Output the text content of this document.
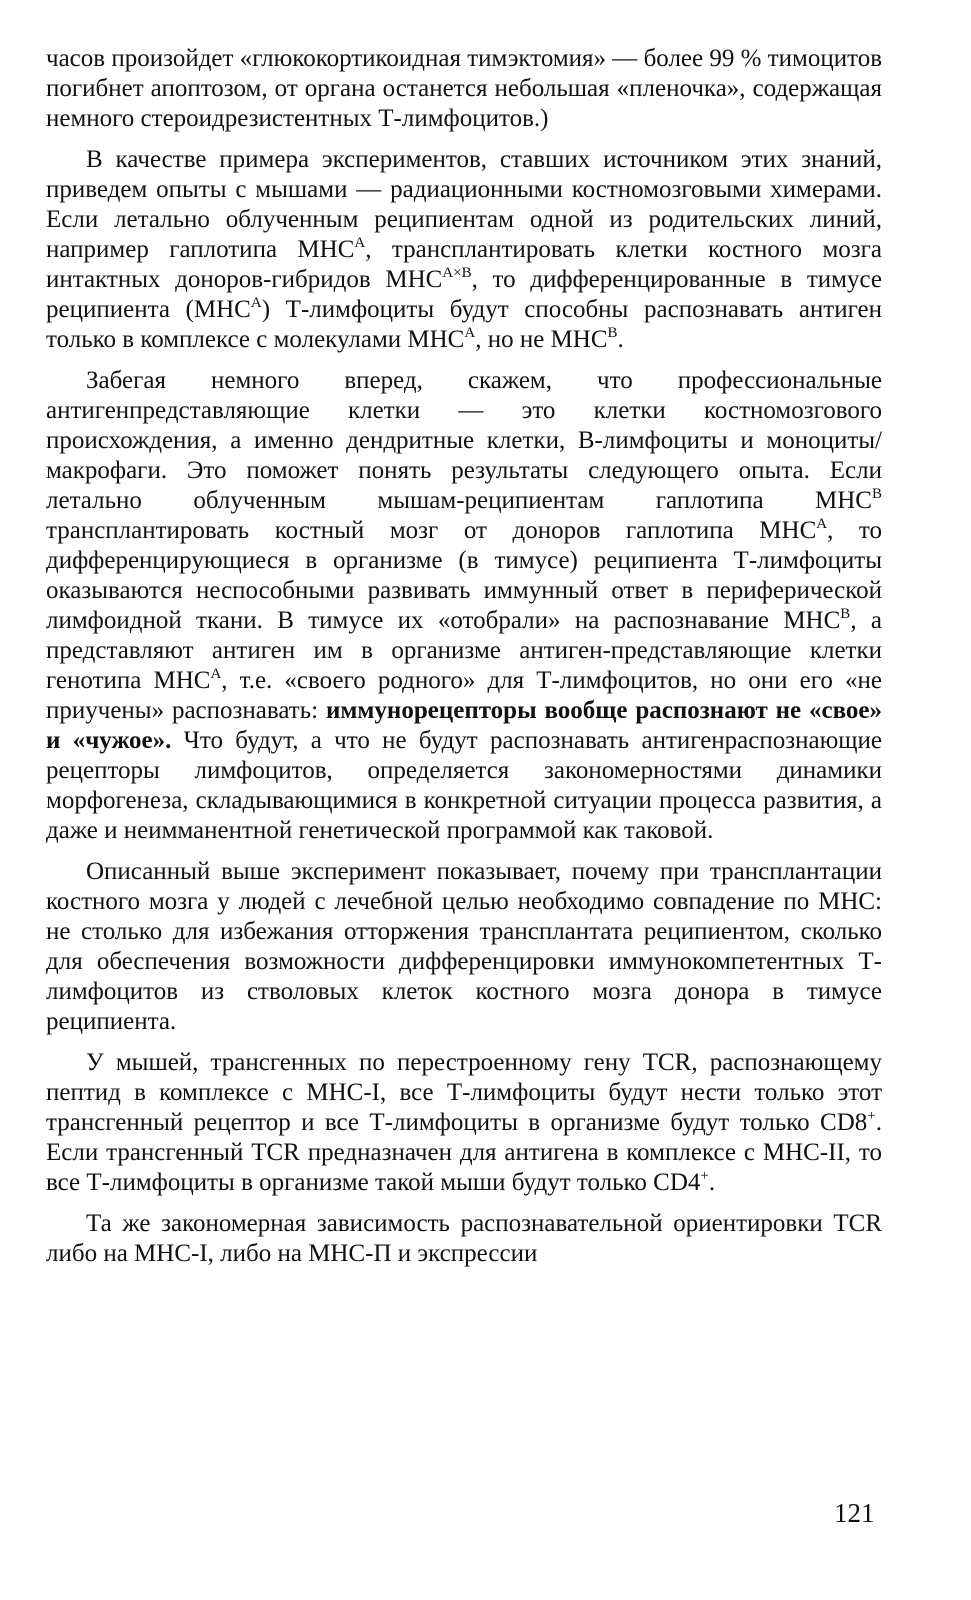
часов произойдет «глюкокортикоидная тимэктомия» — более 99 % тимоцитов погибнет апоптозом, от органа останется небольшая «пленочка», содержащая немного стероидрезистентных Т-лимфоцитов.)

В качестве примера экспериментов, ставших источником этих знаний, приведем опыты с мышами — радиационными костномозговыми химерами. Если летально облученным реципиентам одной из родительских линий, например гаплотипа $МНС^A$, трансплантировать клетки костного мозга интактных доноров-гибридов $МНС^{A\times B}$, то дифференцированные в тимусе реципиента $(МНС^A)$ Т-лимфоциты будут способны распознавать антиген только в комплексе с молекулами $МНС^A$, но не $МНС^B$.

Забегая немного вперед, скажем, что профессиональные антигенпредставляющие клетки — это клетки костномозгового происхождения, а именно дендритные клетки, В-лимфоциты и моноциты/макрофаги. Это поможет понять результаты следующего опыта. Если летально облученным мышам-реципиентам гаплотипа $МНС^B$ трансплантировать костный мозг от доноров гаплотипа $МНС^A$, то дифференцирующиеся в организме (в тимусе) реципиента Т-лимфоциты оказываются неспособными развивать иммунный ответ в периферической лимфоидной ткани. В тимусе их «отобрали» на распознавание $МНС^B$, а представляют антиген им в организме антиген-представляющие клетки генотипа $МНС^A$, т.е. «своего родного» для Т-лимфоцитов, но они его «не приучены» распознавать: иммунорецепторы вообще распознают не «свое» и «чужое». Что будут, а что не будут распознавать антигенраспознающие рецепторы лимфоцитов, определяется закономерностями динамики морфогенеза, складывающимися в конкретной ситуации процесса развития, а даже и неимманентной генетической программой как таковой.

Описанный выше эксперимент показывает, почему при трансплантации костного мозга у людей с лечебной целью необходимо совпадение по МНС: не столько для избежания отторжения трансплантата реципиентом, сколько для обеспечения возможности дифференцировки иммунокомпетентных Т-лимфоцитов из стволовых клеток костного мозга донора в тимусе реципиента.

У мышей, трансгенных по перестроенному гену TCR, распознающему пептид в комплексе с МНС-I, все Т-лимфоциты будут нести только этот трансгенный рецептор и все Т-лимфоциты в организме будут только CD8+. Если трансгенный TCR предназначен для антигена в комплексе с МНС-II, то все Т-лимфоциты в организме такой мыши будут только CD4+.

Та же закономерная зависимость распознавательной ориентировки TCR либо на МНС-I, либо на МНС-П и экспрессии

121
